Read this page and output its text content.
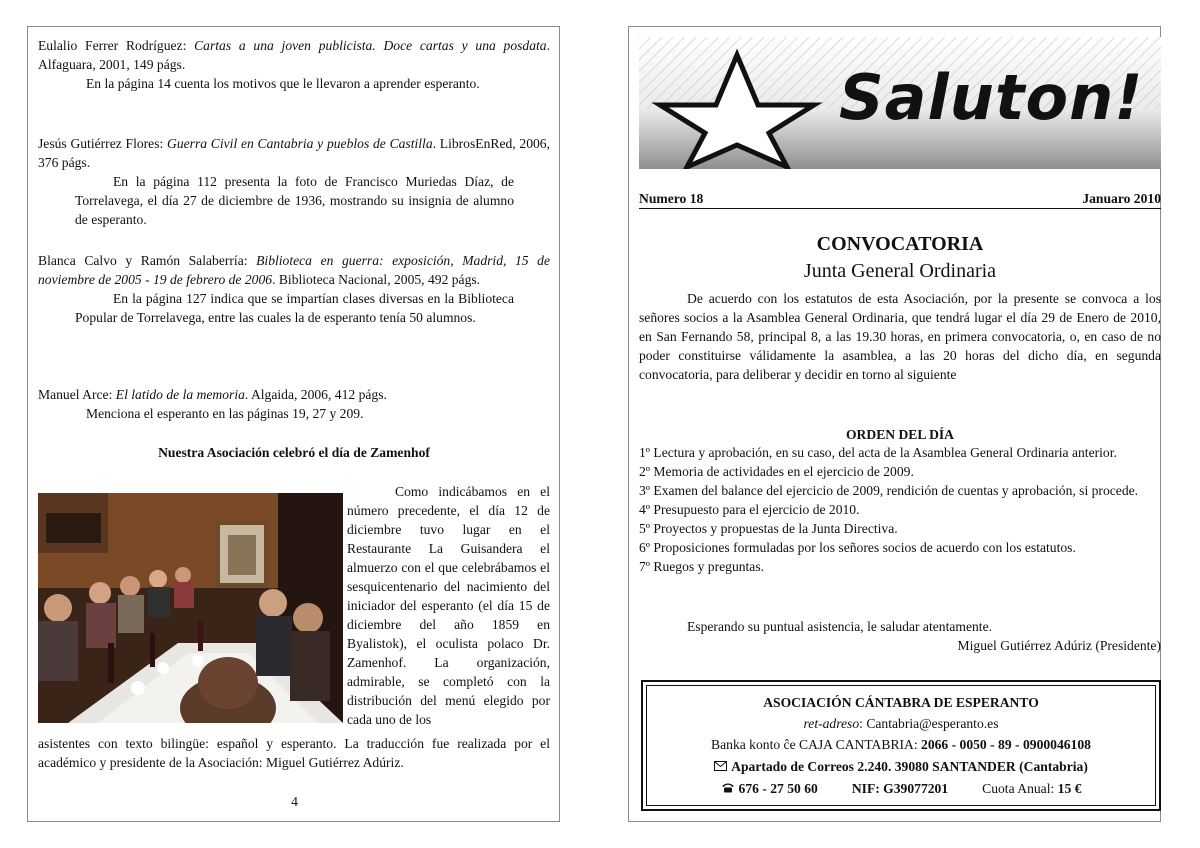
Eulalio Ferrer Rodríguez: Cartas a una joven publicista. Doce cartas y una posdata. Alfaguara, 2001, 149 págs.
En la página 14 cuenta los motivos que le llevaron a aprender esperanto.
Jesús Gutiérrez Flores: Guerra Civil en Cantabria y pueblos de Castilla. LibrosEnRed, 2006, 376 págs.
En la página 112 presenta la foto de Francisco Muriedas Díaz, de Torrelavega, el día 27 de diciembre de 1936, mostrando su insignia de alumno de esperanto.
Blanca Calvo y Ramón Salaberría: Biblioteca en guerra: exposición, Madrid, 15 de noviembre de 2005 - 19 de febrero de 2006. Biblioteca Nacional, 2005, 492 págs.
En la página 127 indica que se impartían clases diversas en la Biblioteca Popular de Torrelavega, entre las cuales la de esperanto tenía 50 alumnos.
Manuel Arce: El latido de la memoria. Algaida, 2006, 412 págs.
Menciona el esperanto en las páginas 19, 27 y 209.
Nuestra Asociación celebró el día de Zamenhof
Como indicábamos en el número precedente, el día 12 de diciembre tuvo lugar en el Restaurante La Guisandera el almuerzo con el que celebrábamos el sesquicentenario del nacimiento del iniciador del esperanto (el día 15 de diciembre del año 1859 en Byalistok), el oculista polaco Dr. Zamenhof. La organización, admirable, se completó con la distribución del menú elegido por cada uno de los
asistentes con texto bilingüe: español y esperanto. La traducción fue realizada por el académico y presidente de la Asociación: Miguel Gutiérrez Adúriz.
4
Saluton!
Numero 18	Januaro 2010

CONVOCATORIA
Junta General Ordinaria
De acuerdo con los estatutos de esta Asociación, por la presente se convoca a los señores socios a la Asamblea General Ordinaria, que tendrá lugar el día 29 de Enero de 2010, en San Fernando 58, principal 8, a las 19.30 horas, en primera convocatoria, o, en caso de no poder constituirse válidamente la asamblea, a las 20 horas del dicho día, en segunda convocatoria, para deliberar y decidir en torno al siguiente
ORDEN DEL DÍA
1º Lectura y aprobación, en su caso, del acta de la Asamblea General Ordinaria anterior.
2º Memoria de actividades en el ejercicio de 2009.
3º Examen del balance del ejercicio de 2009, rendición de cuentas y aprobación, si procede.
4º Presupuesto para el ejercicio de 2010.
5º Proyectos y propuestas de la Junta Directiva.
6º Proposiciones formuladas por los señores socios de acuerdo con los estatutos.
7º Ruegos y preguntas.
Esperando su puntual asistencia, le saludar atentamente.
Miguel Gutiérrez Adúriz (Presidente)
ASOCIACIÓN CÁNTABRA DE ESPERANTO
ret-adreso: Cantabria@esperanto.es
Banka konto ĉe CAJA CANTABRIA: 2066 - 0050 - 89 - 0900046108
Apartado de Correos 2.240. 39080 SANTANDER (Cantabria)
676 - 27 50 60	NIF: G39077201	Cuota Anual: 15 €
